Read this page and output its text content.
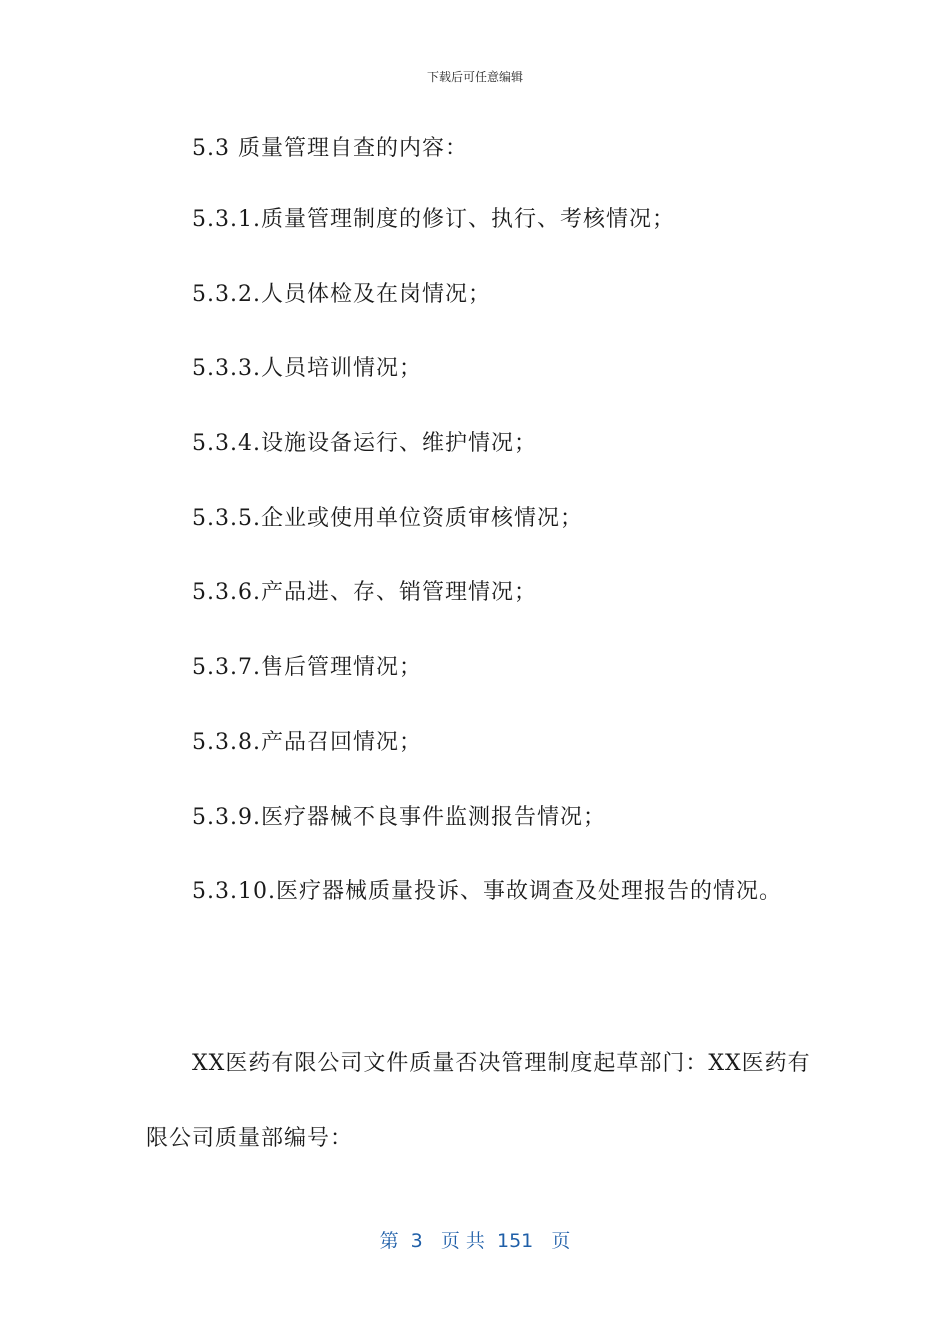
下载后可任意编辑
5.3 质量管理自查的内容：
5.3.1.质量管理制度的修订、执行、考核情况；
5.3.2.人员体检及在岗情况；
5.3.3.人员培训情况；
5.3.4.设施设备运行、维护情况；
5.3.5.企业或使用单位资质审核情况；
5.3.6.产品进、存、销管理情况；
5.3.7.售后管理情况；
5.3.8.产品召回情况；
5.3.9.医疗器械不良事件监测报告情况；
5.3.10.医疗器械质量投诉、事故调查及处理报告的情况。

XX医药有限公司文件质量否决管理制度起草部门：XX医药有限公司质量部编号：

第  3   页 共  151   页
